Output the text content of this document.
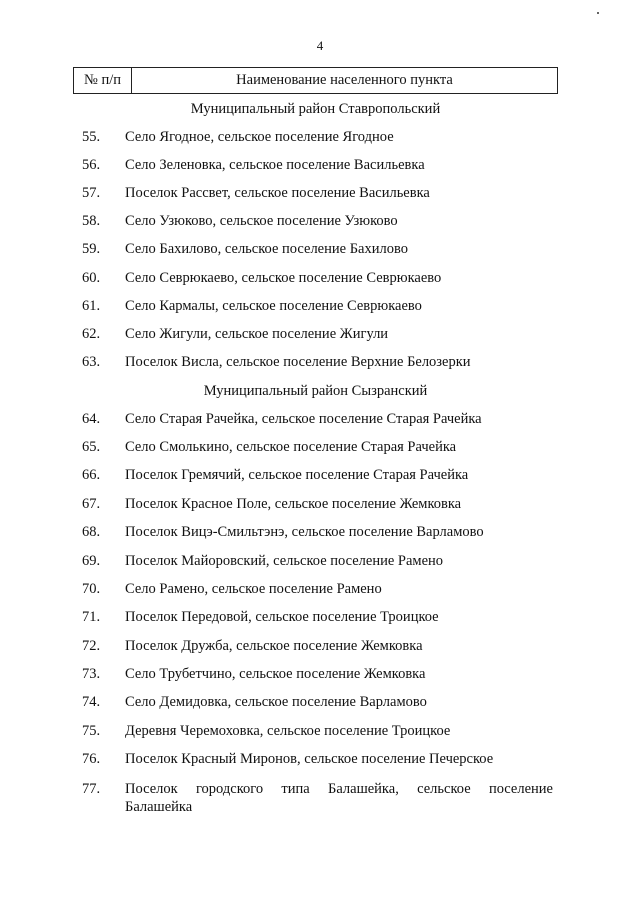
4
№ п/п	Наименование населенного пункта
Муниципальный район Ставропольский
55. Село Ягодное, сельское поселение Ягодное
56. Село Зеленовка, сельское поселение Васильевка
57. Поселок Рассвет, сельское поселение Васильевка
58. Село Узюково, сельское поселение Узюково
59. Село Бахилово, сельское поселение Бахилово
60. Село Севрюкаево, сельское поселение Севрюкаево
61. Село Кармалы, сельское поселение Севрюкаево
62. Село Жигули, сельское поселение Жигули
63. Поселок Висла, сельское поселение Верхние Белозерки
Муниципальный район Сызранский
64. Село Старая Рачейка, сельское поселение Старая Рачейка
65. Село Смолькино, сельское поселение Старая Рачейка
66. Поселок Гремячий, сельское поселение Старая Рачейка
67. Поселок Красное Поле, сельское поселение Жемковка
68. Поселок Вицэ-Смильтэнэ, сельское поселение Варламово
69. Поселок Майоровский, сельское поселение Рамено
70. Село Рамено, сельское поселение Рамено
71. Поселок Передовой, сельское поселение Троицкое
72. Поселок Дружба, сельское поселение Жемковка
73. Село Трубетчино, сельское поселение Жемковка
74. Село Демидовка, сельское поселение Варламово
75. Деревня Черемоховка, сельское поселение Троицкое
76. Поселок Красный Миронов, сельское поселение Печерское
77. Поселок городского типа Балашейка, сельское поселение
Балашейка
